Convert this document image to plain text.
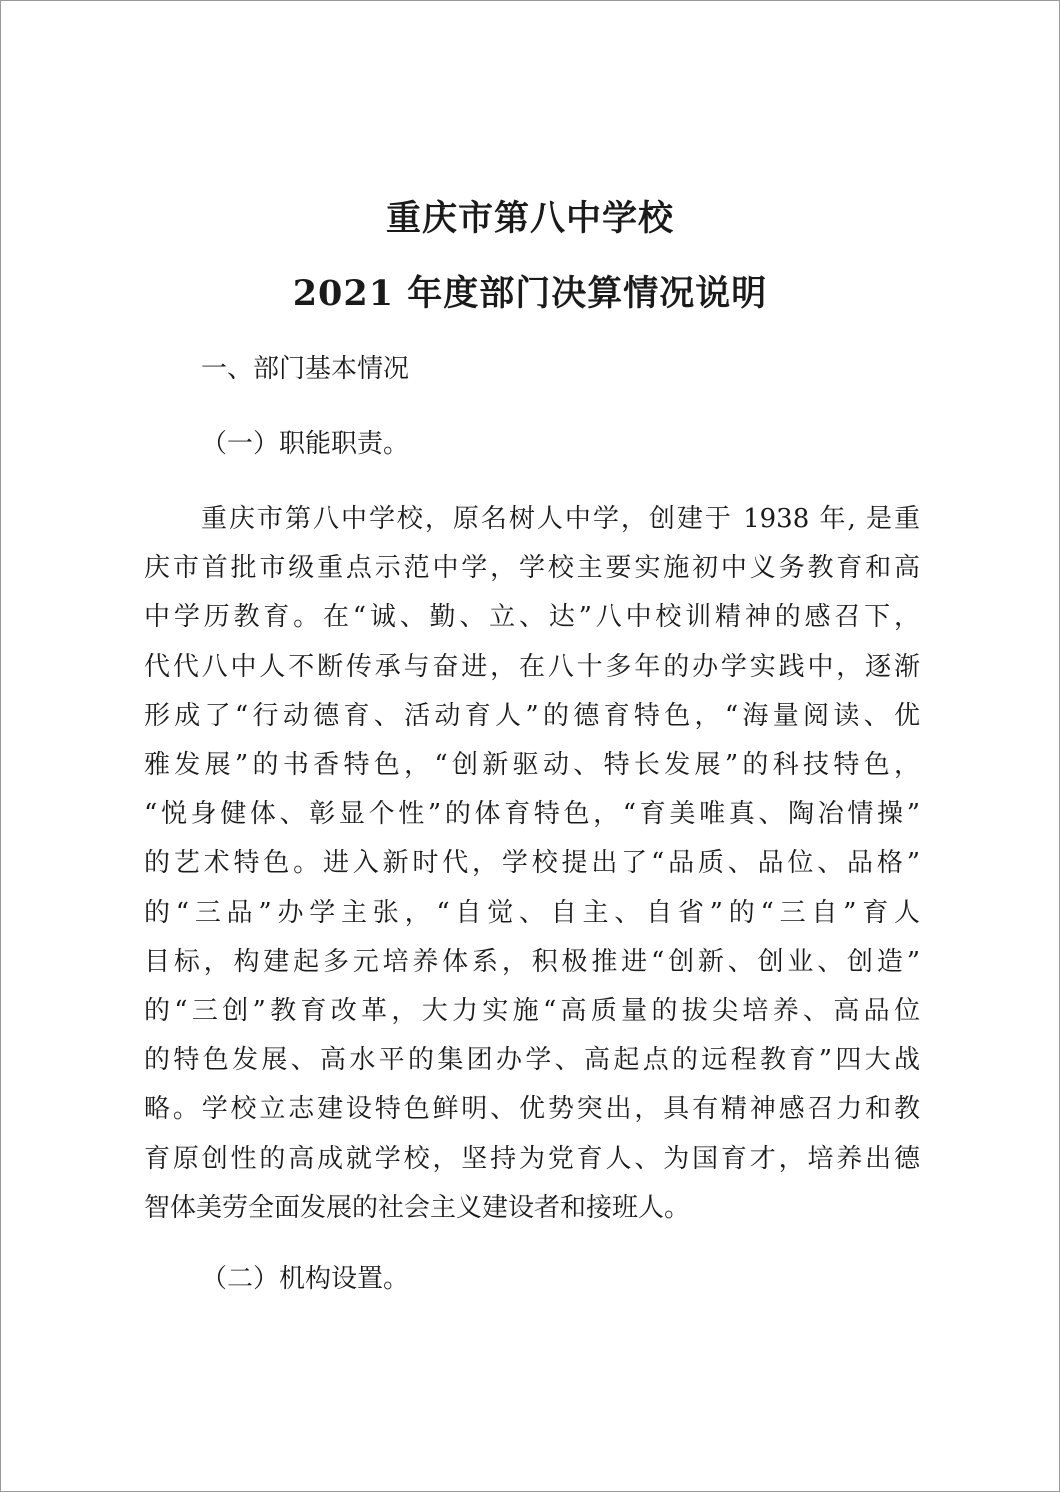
重庆市第八中学校
2021 年度部门决算情况说明

一、部门基本情况

（一）职能职责。

重庆市第八中学校，原名树人中学，创建于 1938 年, 是重
庆市首批市级重点示范中学，学校主要实施初中义务教育和高
中学历教育。在“诚、勤、立、达”八中校训精神的感召下，
代代八中人不断传承与奋进，在八十多年的办学实践中，逐渐
形成了“行动德育、活动育人”的德育特色，“海量阅读、优
雅发展”的书香特色，“创新驱动、特长发展”的科技特色，
“悦身健体、彰显个性”的体育特色，“育美唯真、陶冶情操”
的艺术特色。进入新时代，学校提出了“品质、品位、品格”
的“三品”办学主张，“自觉、自主、自省”的“三自”育人
目标，构建起多元培养体系，积极推进“创新、创业、创造”
的“三创”教育改革，大力实施“高质量的拔尖培养、高品位
的特色发展、高水平的集团办学、高起点的远程教育”四大战
略。学校立志建设特色鲜明、优势突出，具有精神感召力和教
育原创性的高成就学校，坚持为党育人、为国育才，培养出德
智体美劳全面发展的社会主义建设者和接班人。

（二）机构设置。
